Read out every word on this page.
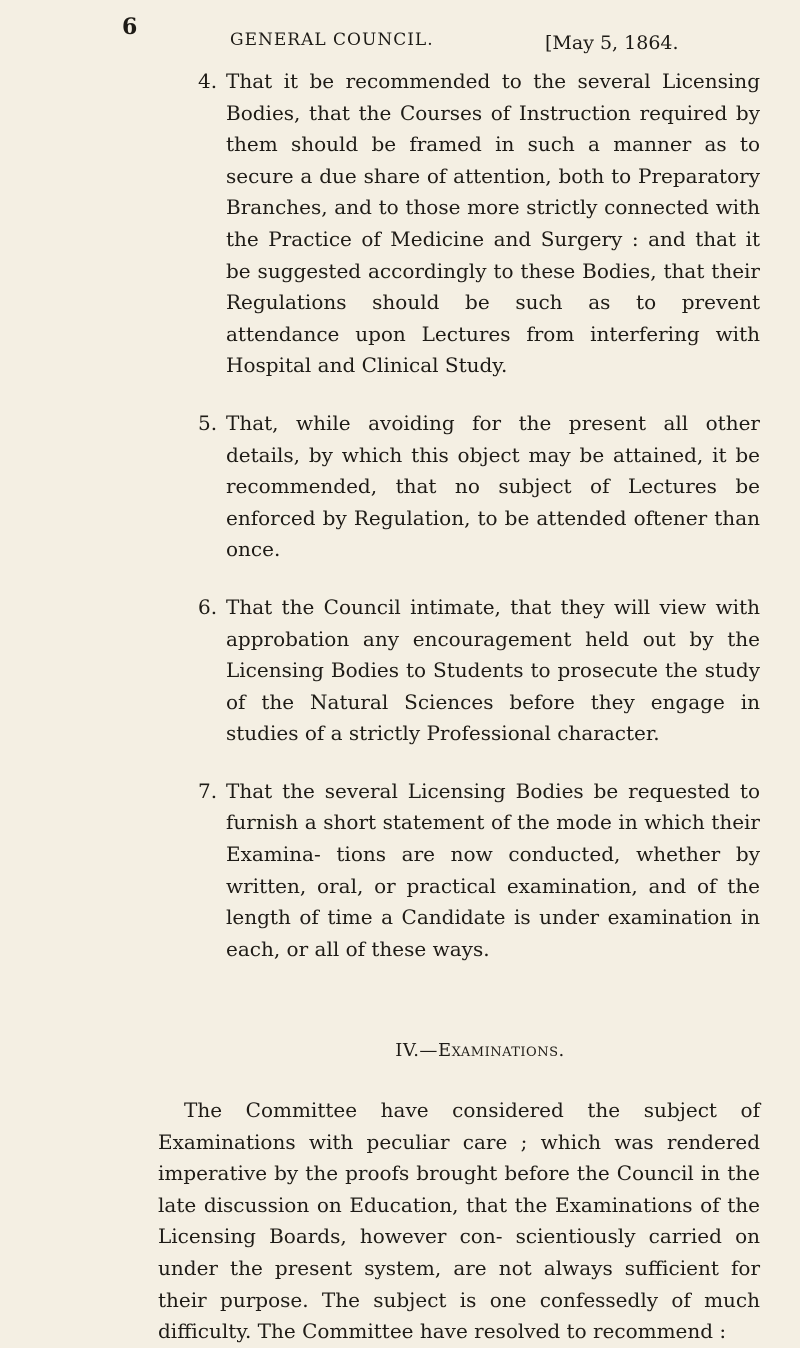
6	GENERAL COUNCIL.	[May 5, 1864.
4. That it be recommended to the several Licensing Bodies, that the Courses of Instruction required by them should be framed in such a manner as to secure a due share of attention, both to Preparatory Branches, and to those more strictly connected with the Practice of Medicine and Surgery : and that it be suggested accordingly to these Bodies, that their Regulations should be such as to prevent attendance upon Lectures from interfering with Hospital and Clinical Study.
5. That, while avoiding for the present all other details, by which this object may be attained, it be recommended, that no subject of Lectures be enforced by Regulation, to be attended oftener than once.
6. That the Council intimate, that they will view with approbation any encouragement held out by the Licensing Bodies to Students to prosecute the study of the Natural Sciences before they engage in studies of a strictly Professional character.
7. That the several Licensing Bodies be requested to furnish a short statement of the mode in which their Examina- tions are now conducted, whether by written, oral, or practical examination, and of the length of time a Candidate is under examination in each, or all of these ways.
IV.—Examinations.

The Committee have considered the subject of Examinations with peculiar care ; which was rendered imperative by the proofs brought before the Council in the late discussion on Education, that the Examinations of the Licensing Boards, however con- scientiously carried on under the present system, are not always sufficient for their purpose. The subject is one confessedly of much difficulty. The Committee have resolved to recommend :
